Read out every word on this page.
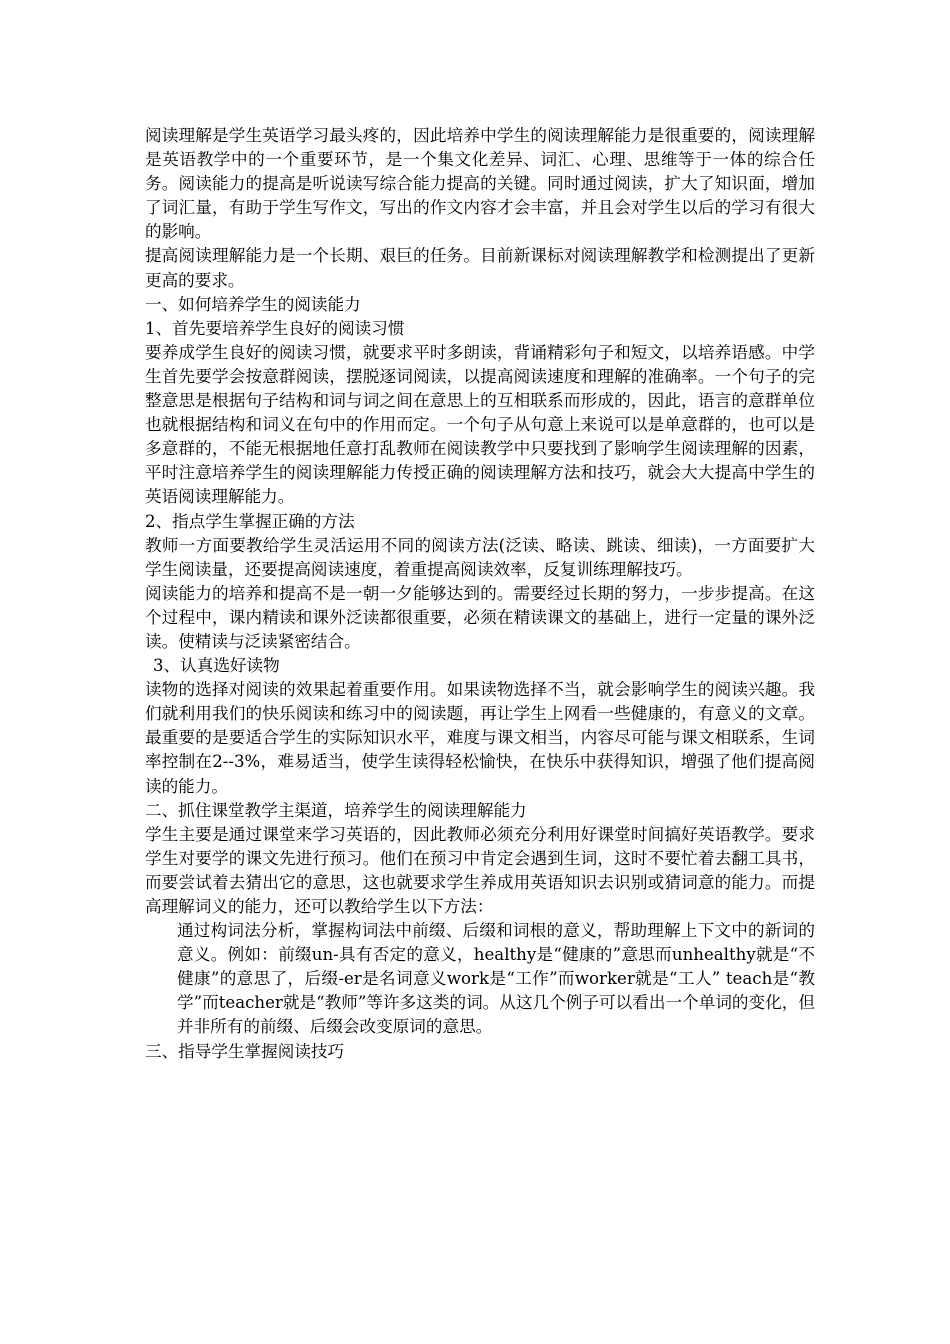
阅读理解是学生英语学习最头疼的，因此培养中学生的阅读理解能力是很重要的，阅读理解是英语教学中的一个重要环节，是一个集文化差异、词汇、心理、思维等于一体的综合任务。阅读能力的提高是听说读写综合能力提高的关键。同时通过阅读，扩大了知识面，增加了词汇量，有助于学生写作文，写出的作文内容才会丰富，并且会对学生以后的学习有很大的影响。

提高阅读理解能力是一个长期、艰巨的任务。目前新课标对阅读理解教学和检测提出了更新更高的要求。

一、如何培养学生的阅读能力

1、首先要培养学生良好的阅读习惯

要养成学生良好的阅读习惯，就要求平时多朗读，背诵精彩句子和短文，以培养语感。中学生首先要学会按意群阅读，摆脱逐词阅读，以提高阅读速度和理解的准确率。一个句子的完整意思是根据句子结构和词与词之间在意思上的互相联系而形成的，因此，语言的意群单位也就根据结构和词义在句中的作用而定。一个句子从句意上来说可以是单意群的，也可以是多意群的，不能无根据地任意打乱教师在阅读教学中只要找到了影响学生阅读理解的因素，平时注意培养学生的阅读理解能力传授正确的阅读理解方法和技巧，就会大大提高中学生的英语阅读理解能力。

2、指点学生掌握正确的方法

教师一方面要教给学生灵活运用不同的阅读方法(泛读、略读、跳读、细读)，一方面要扩大学生阅读量，还要提高阅读速度，着重提高阅读效率，反复训练理解技巧。

阅读能力的培养和提高不是一朝一夕能够达到的。需要经过长期的努力，一步步提高。在这个过程中，课内精读和课外泛读都很重要，必须在精读课文的基础上，进行一定量的课外泛读。使精读与泛读紧密结合。

3、认真选好读物

读物的选择对阅读的效果起着重要作用。如果读物选择不当，就会影响学生的阅读兴趣。我们就利用我们的快乐阅读和练习中的阅读题，再让学生上网看一些健康的，有意义的文章。最重要的是要适合学生的实际知识水平，难度与课文相当，内容尽可能与课文相联系，生词率控制在2--3%，难易适当，使学生读得轻松愉快，在快乐中获得知识，增强了他们提高阅读的能力。

二、抓住课堂教学主渠道，培养学生的阅读理解能力

学生主要是通过课堂来学习英语的，因此教师必须充分利用好课堂时间搞好英语教学。要求学生对要学的课文先进行预习。他们在预习中肯定会遇到生词，这时不要忙着去翻工具书，而要尝试着去猜出它的意思，这也就要求学生养成用英语知识去识别或猜词意的能力。而提高理解词义的能力，还可以教给学生以下方法：

通过构词法分析，掌握构词法中前缀、后缀和词根的意义，帮助理解上下文中的新词的意义。例如：前缀un-具有否定的意义，healthy是“健康的”意思而unhealthy就是“不健康”的意思了，后缀-er是名词意义work是“工作”而worker就是“工人” teach是“教学”而teacher就是“教师”等许多这类的词。从这几个例子可以看出一个单词的变化，但并非所有的前缀、后缀会改变原词的意思。

三、指导学生掌握阅读技巧
